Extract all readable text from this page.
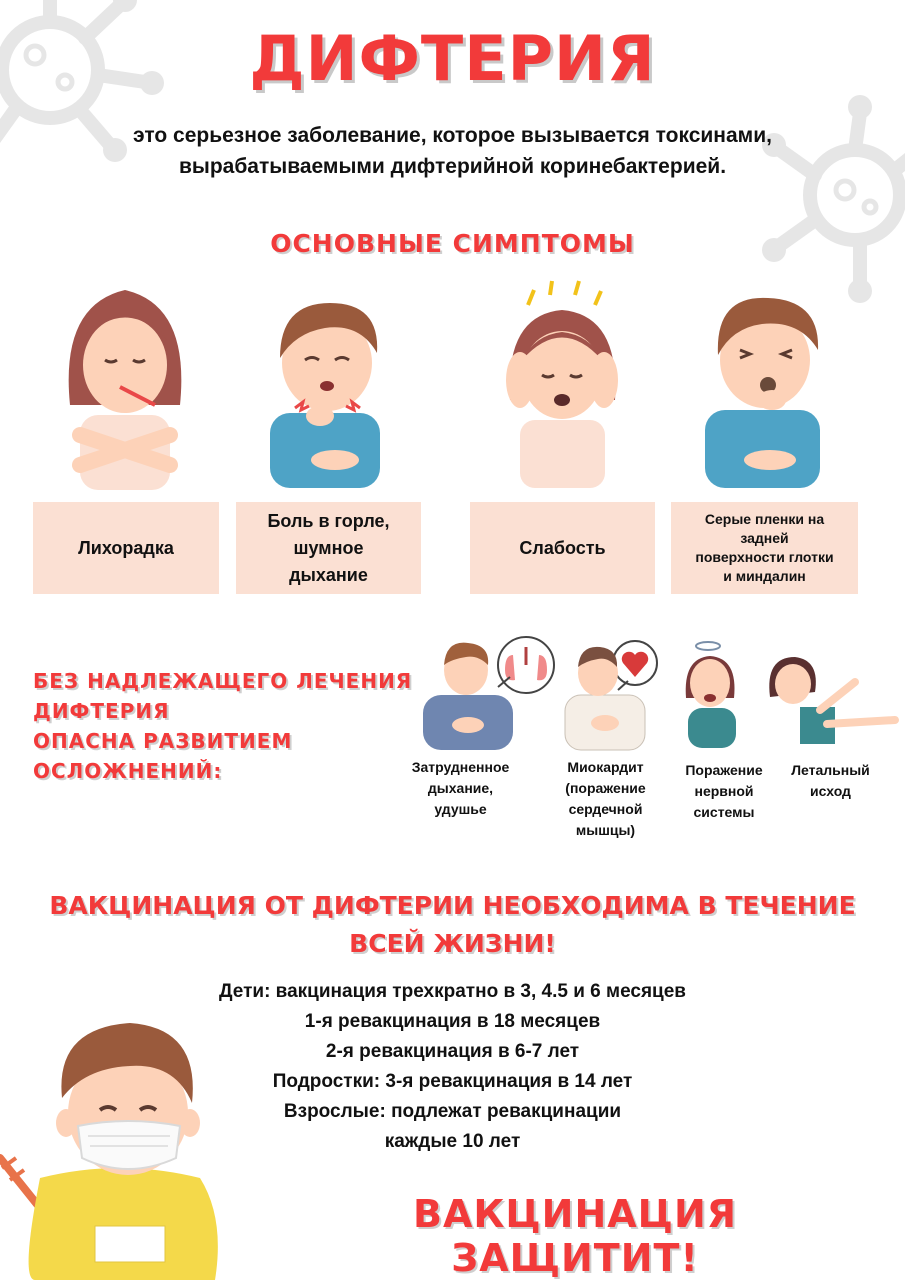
ДИФТЕРИЯ
это серьезное заболевание, которое вызывается токсинами,
вырабатываемыми дифтерийной коринебактерией.
ОСНОВНЫЕ СИМПТОМЫ
Лихорадка
Боль в горле,
шумное
дыхание
Слабость
Серые пленки на
задней
поверхности глотки
и миндалин
БЕЗ НАДЛЕЖАЩЕГО ЛЕЧЕНИЯ
ДИФТЕРИЯ
ОПАСНА РАЗВИТИЕМ
ОСЛОЖНЕНИЙ:	Затрудненное
дыхание,
удушье
Миокардит
(поражение
сердечной
мышцы)
Поражение
нервной
системы
Летальный
исход
ВАКЦИНАЦИЯ ОТ ДИФТЕРИИ НЕОБХОДИМА В ТЕЧЕНИЕ
ВСЕЙ ЖИЗНИ!
Дети: вакцинация трехкратно в 3, 4.5 и 6 месяцев
1-я ревакцинация в 18 месяцев
2-я ревакцинация в 6-7 лет
Подростки: 3-я ревакцинация в 14 лет
Взрослые: подлежат ревакцинации
каждые 10 лет
ВАКЦИНАЦИЯ ЗАЩИТИТ!
